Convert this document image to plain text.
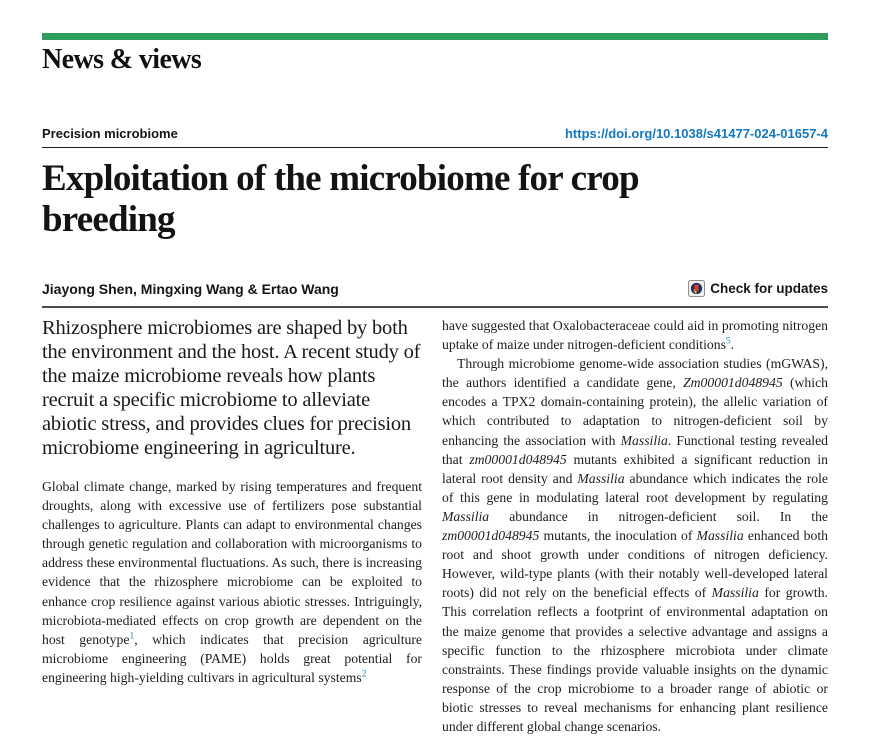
News & views
Precision microbiome	https://doi.org/10.1038/s41477-024-01657-4
Exploitation of the microbiome for crop breeding
Jiayong Shen, Mingxing Wang & Ertao Wang	Check for updates
Rhizosphere microbiomes are shaped by both the environment and the host. A recent study of the maize microbiome reveals how plants recruit a specific microbiome to alleviate abiotic stress, and provides clues for precision microbiome engineering in agriculture.

Global climate change, marked by rising temperatures and frequent droughts, along with excessive use of fertilizers pose substantial challenges to agriculture. Plants can adapt to environmental changes through genetic regulation and collaboration with microorganisms to address these environmental fluctuations. As such, there is increasing evidence that the rhizosphere microbiome can be exploited to enhance crop resilience against various abiotic stresses. Intriguingly, microbiota-mediated effects on crop growth are dependent on the host genotype$^1$, which indicates that precision agriculture microbiome engineering (PAME) holds great potential for engineering high-yielding cultivars in agricultural systems$^2$

have suggested that Oxalobacteraceae could aid in promoting nitrogen uptake of maize under nitrogen-deficient conditions$^5$.

Through microbiome genome-wide association studies (mGWAS), the authors identified a candidate gene, Zm00001d048945 (which encodes a TPX2 domain-containing protein), the allelic variation of which contributed to adaptation to nitrogen-deficient soil by enhancing the association with Massilia. Functional testing revealed that zm00001d048945 mutants exhibited a significant reduction in lateral root density and Massilia abundance which indicates the role of this gene in modulating lateral root development by regulating Massilia abundance in nitrogen-deficient soil. In the zm00001d048945 mutants, the inoculation of Massilia enhanced both root and shoot growth under conditions of nitrogen deficiency. However, wild-type plants (with their notably well-developed lateral roots) did not rely on the beneficial effects of Massilia for growth. This correlation reflects a footprint of environmental adaptation on the maize genome that provides a selective advantage and assigns a specific function to the rhizosphere microbiota under climate constraints. These findings provide valuable insights on the dynamic response of the crop microbiome to a broader range of abiotic or biotic stresses to reveal mechanisms for enhancing plant resilience under different global change scenarios.
